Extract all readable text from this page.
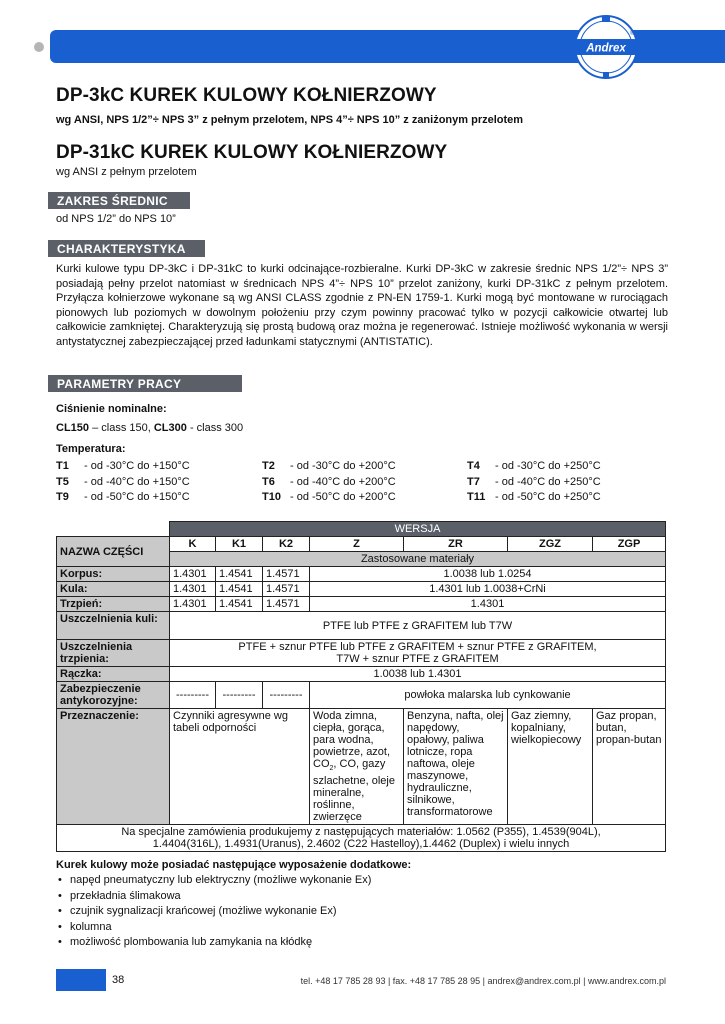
Andrex
®
DP-3kC KUREK KULOWY KOŁNIERZOWY
wg ANSI, NPS 1/2”÷ NPS 3” z pełnym przelotem, NPS 4”÷ NPS 10” z zaniżonym przelotem
DP-31kC KUREK KULOWY KOŁNIERZOWY
wg ANSI z pełnym przelotem
ZAKRES ŚREDNIC
od NPS 1/2” do NPS 10”
CHARAKTERYSTYKA
Kurki kulowe typu DP-3kC i DP-31kC to kurki odcinające-rozbieralne. Kurki DP-3kC w zakresie średnic NPS 1/2”÷ NPS 3” posiadają pełny przelot natomiast w średnicach NPS 4”÷ NPS 10” przelot zaniżony, kurki DP-31kC z pełnym przelotem. Przyłącza kołnierzowe wykonane są wg ANSI CLASS zgodnie z PN-EN 1759-1. Kurki mogą być montowane w rurociągach pionowych lub poziomych w dowolnym położeniu przy czym powinny pracować tylko w pozycji całkowicie otwartej lub całkowicie zamkniętej. Charakteryzują się prostą budową oraz można je regenerować. Istnieje możliwość wykonania w wersji antystatycznej zabezpieczającej przed ładunkami statycznymi (ANTISTATIC).
PARAMETRY PRACY
Ciśnienie nominalne:
CL150 – class 150, CL300 - class 300
Temperatura:
T1 - od -30°C do +150°C	T2 - od -30°C do +200°C	T4 - od -30°C do +250°C
T5 - od -40°C do +150°C	T6 - od -40°C do +200°C	T7 - od -40°C do +250°C
T9 - od -50°C do +150°C	T10 - od -50°C do +200°C	T11 - od -50°C do +250°C
	WERSJA						
NAZWA CZĘŚCI	K	K1	K2	Z	ZR	ZGZ	ZGP
	Zastosowane materiały						
Korpus:	1.4301	1.4541	1.4571	1.0038 lub 1.0254			
Kula:	1.4301	1.4541	1.4571	1.4301 lub 1.0038+CrNi			
Trzpień:	1.4301	1.4541	1.4571	1.4301			
Uszczelnienia kuli:	PTFE lub PTFE z GRAFITEM lub T7W						
Uszczelnienia trzpienia:	PTFE + sznur PTFE lub PTFE z GRAFITEM + sznur PTFE z GRAFITEM,
T7W + sznur PTFE z GRAFITEM						

Rączka:	1.0038 lub 1.4301						
Zabezpieczenie antykorozyjne:	---------	---------	---------	powłoka malarska lub cynkowanie			
Przeznaczenie:	Czynniki agresywne wg tabeli odporności			Woda zimna, ciepła, gorąca, para wodna, powietrze, azot, $CO_2$, CO, gazy szlachetne, oleje mineralne, roślinne, zwierzęce	Benzyna, nafta, olej napędowy, opałowy, paliwa lotnicze, ropa naftowa, oleje maszynowe, hydrauliczne, silnikowe, transformatorowe	Gaz ziemny, kopalniany, wielkopiecowy	Gaz propan, butan, propan-butan

Na specjalne zamówienia produkujemy z następujących materiałów: 1.0562 (P355), 1.4539(904L),
1.4404(316L), 1.4931(Uranus), 2.4602 (C22 Hastelloy),1.4462 (Duplex) i wielu innych							
Kurek kulowy może posiadać następujące wyposażenie dodatkowe:
• napęd pneumatyczny lub elektryczny (możliwe wykonanie Ex)
• przekładnia ślimakowa
• czujnik sygnalizacji krańcowej (możliwe wykonanie Ex)
• kolumna
• możliwość plombowania lub zamykania na kłódkę
38	tel. +48 17 785 28 93 | fax. +48 17 785 28 95 | andrex@andrex.com.pl | www.andrex.com.pl
